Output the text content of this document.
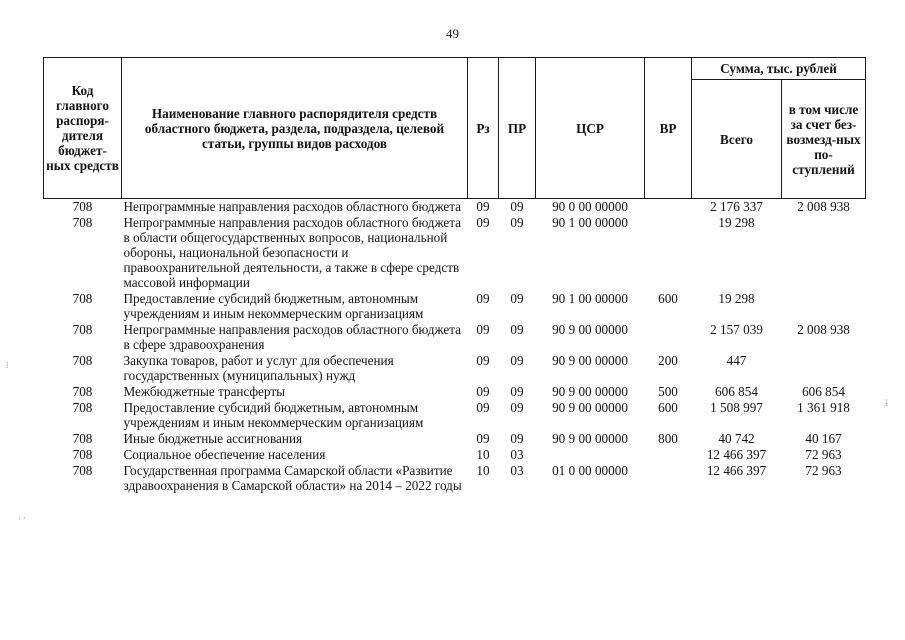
49
Код главного распоря-дителя бюджет-ных средств	Наименование главного распорядителя средств областного бюджета, раздела, подраздела, целевой статьи, группы видов расходов	Рз	ПР	ЦСР	ВР	Сумма, тыс. рублей	
						Всего	в том числе за счет без-возмезд-ных по-ступлений
708	Непрограммные направления расходов областного бюджета	09	09	90 0 00 00000		2 176 337	2 008 938
708	Непрограммные направления расходов областного бюджета в области общегосударственных вопросов, национальной обороны, национальной безопасности и правоохранительной деятельности, а также в сфере средств массовой информации	09	09	90 1 00 00000		19 298	
708	Предоставление субсидий бюджетным, автономным учреждениям и иным некоммерческим организациям	09	09	90 1 00 00000	600	19 298	
708	Непрограммные направления расходов областного бюджета в сфере здравоохранения	09	09	90 9 00 00000		2 157 039	2 008 938
708	Закупка товаров, работ и услуг для обеспечения государственных (муниципальных) нужд	09	09	90 9 00 00000	200	447	
708	Межбюджетные трансферты	09	09	90 9 00 00000	500	606 854	606 854
708	Предоставление субсидий бюджетным, автономным учреждениям и иным некоммерческим организациям	09	09	90 9 00 00000	600	1 508 997	1 361 918
708	Иные бюджетные ассигнования	09	09	90 9 00 00000	800	40 742	40 167
708	Социальное обеспечение населения	10	03			12 466 397	72 963
708	Государственная программа Самарской области «Развитие здравоохранения в Самарской области» на 2014 – 2022 годы	10	03	01 0 00 00000		12 466 397	72 963
⁞
⁞
· ·
